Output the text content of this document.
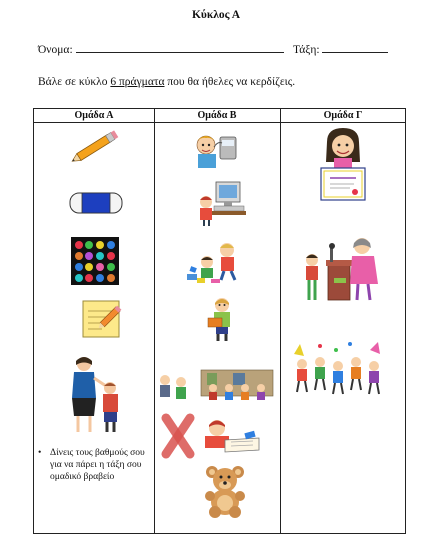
Κύκλος Α
Όνομα:	Τάξη:
Βάλε σε κύκλο 6 πράγματα που θα ήθελες να κερδίζεις.
Ομάδα Α	Ομάδα Β	Ομάδα Γ
• Δίνεις τους βαθμούς σου για να πάρει η τάξη σου ομαδικό βραβείο
